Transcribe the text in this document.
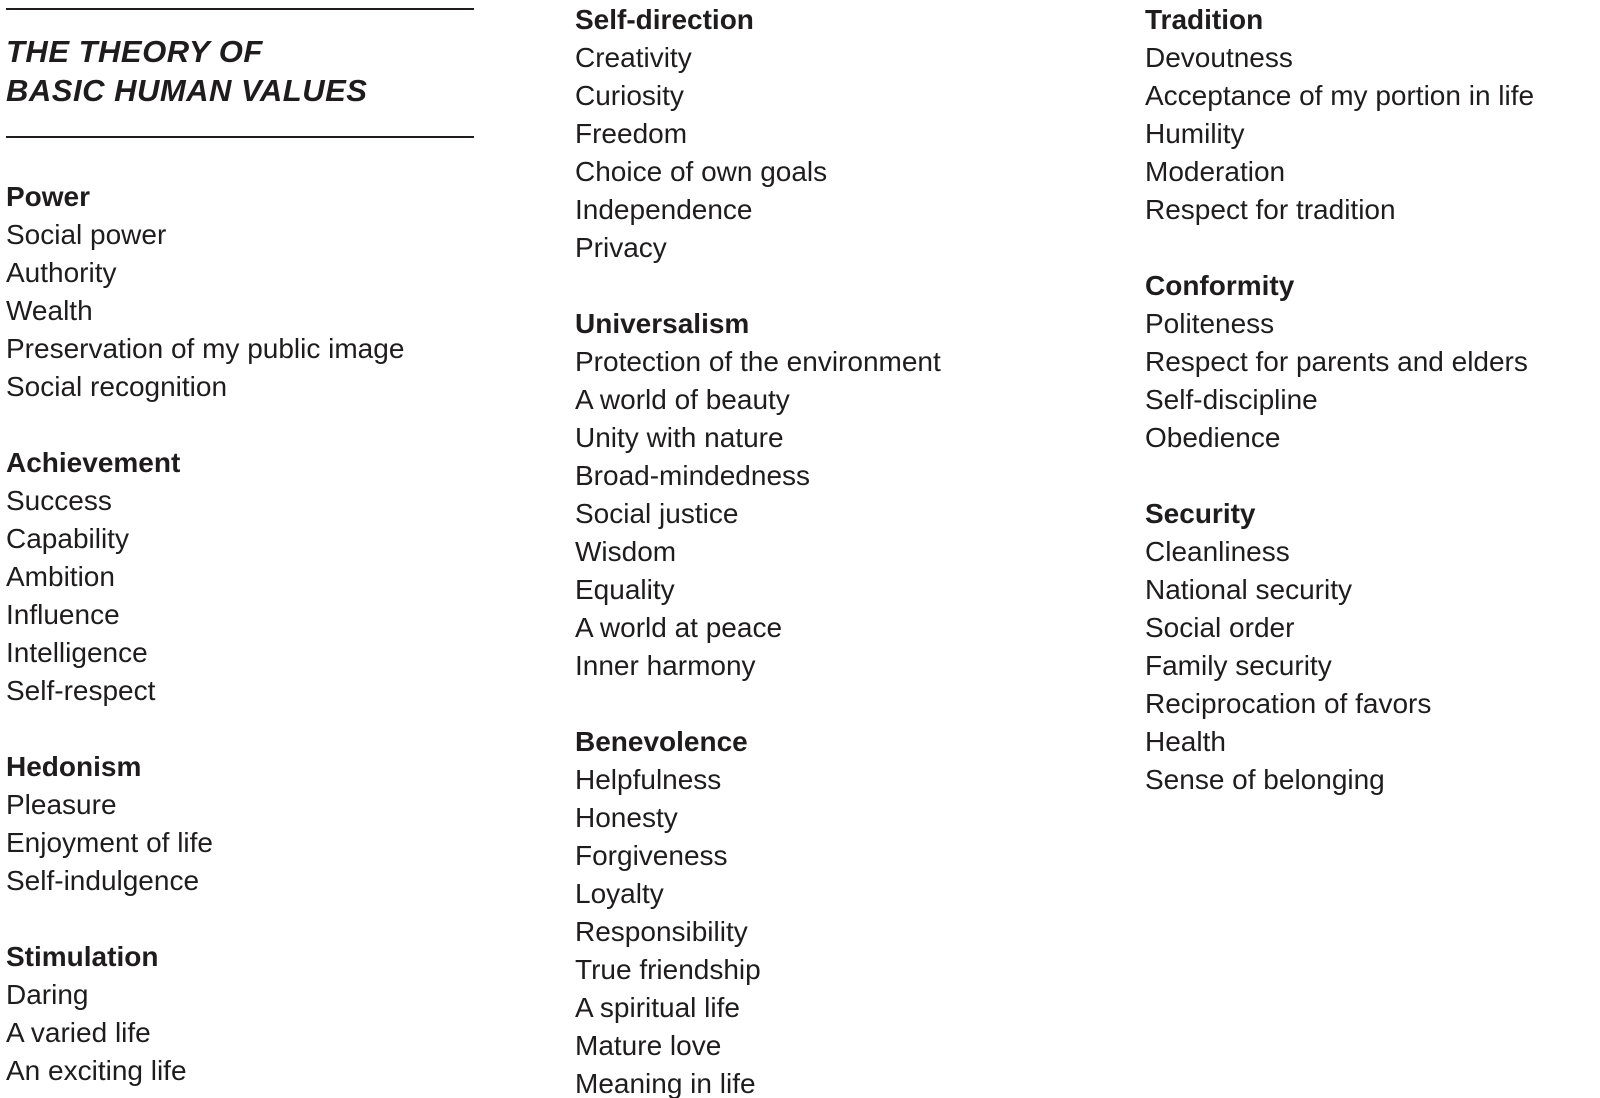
THE THEORY OF
BASIC HUMAN VALUES
Power
Social power
Authority
Wealth
Preservation of my public image
Social recognition
Achievement
Success
Capability
Ambition
Influence
Intelligence
Self-respect
Hedonism
Pleasure
Enjoyment of life
Self-indulgence
Stimulation
Daring
A varied life
An exciting life
Self-direction
Creativity
Curiosity
Freedom
Choice of own goals
Independence
Privacy
Universalism
Protection of the environment
A world of beauty
Unity with nature
Broad-mindedness
Social justice
Wisdom
Equality
A world at peace
Inner harmony
Benevolence
Helpfulness
Honesty
Forgiveness
Loyalty
Responsibility
True friendship
A spiritual life
Mature love
Meaning in life
Tradition
Devoutness
Acceptance of my portion in life
Humility
Moderation
Respect for tradition
Conformity
Politeness
Respect for parents and elders
Self-discipline
Obedience
Security
Cleanliness
National security
Social order
Family security
Reciprocation of favors
Health
Sense of belonging
